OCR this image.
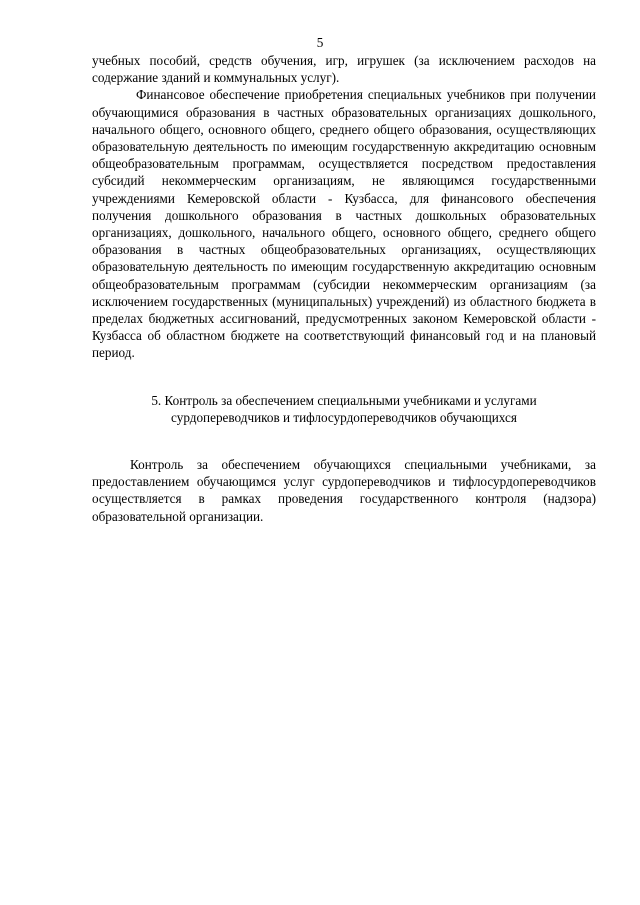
5

учебных пособий, средств обучения, игр, игрушек (за исключением расходов на содержание зданий и коммунальных услуг).

Финансовое обеспечение приобретения специальных учебников при получении обучающимися образования в частных образовательных организациях дошкольного, начального общего, основного общего, среднего общего образования, осуществляющих образовательную деятельность по имеющим государственную аккредитацию основным общеобразовательным программам, осуществляется посредством предоставления субсидий некоммерческим организациям, не являющимся государственными учреждениями Кемеровской области - Кузбасса, для финансового обеспечения получения дошкольного образования в частных дошкольных образовательных организациях, дошкольного, начального общего, основного общего, среднего общего образования в частных общеобразовательных организациях, осуществляющих образовательную деятельность по имеющим государственную аккредитацию основным общеобразовательным программам (субсидии некоммерческим организациям (за исключением государственных (муниципальных) учреждений) из областного бюджета в пределах бюджетных ассигнований, предусмотренных законом Кемеровской области - Кузбасса об областном бюджете на соответствующий финансовый год и на плановый период.

5. Контроль за обеспечением специальными учебниками и услугами
сурдопереводчиков и тифлосурдопереводчиков обучающихся

Контроль за обеспечением обучающихся специальными учебниками, за предоставлением обучающимся услуг сурдопереводчиков и тифлосурдопереводчиков осуществляется в рамках проведения государственного контроля (надзора) образовательной организации.
